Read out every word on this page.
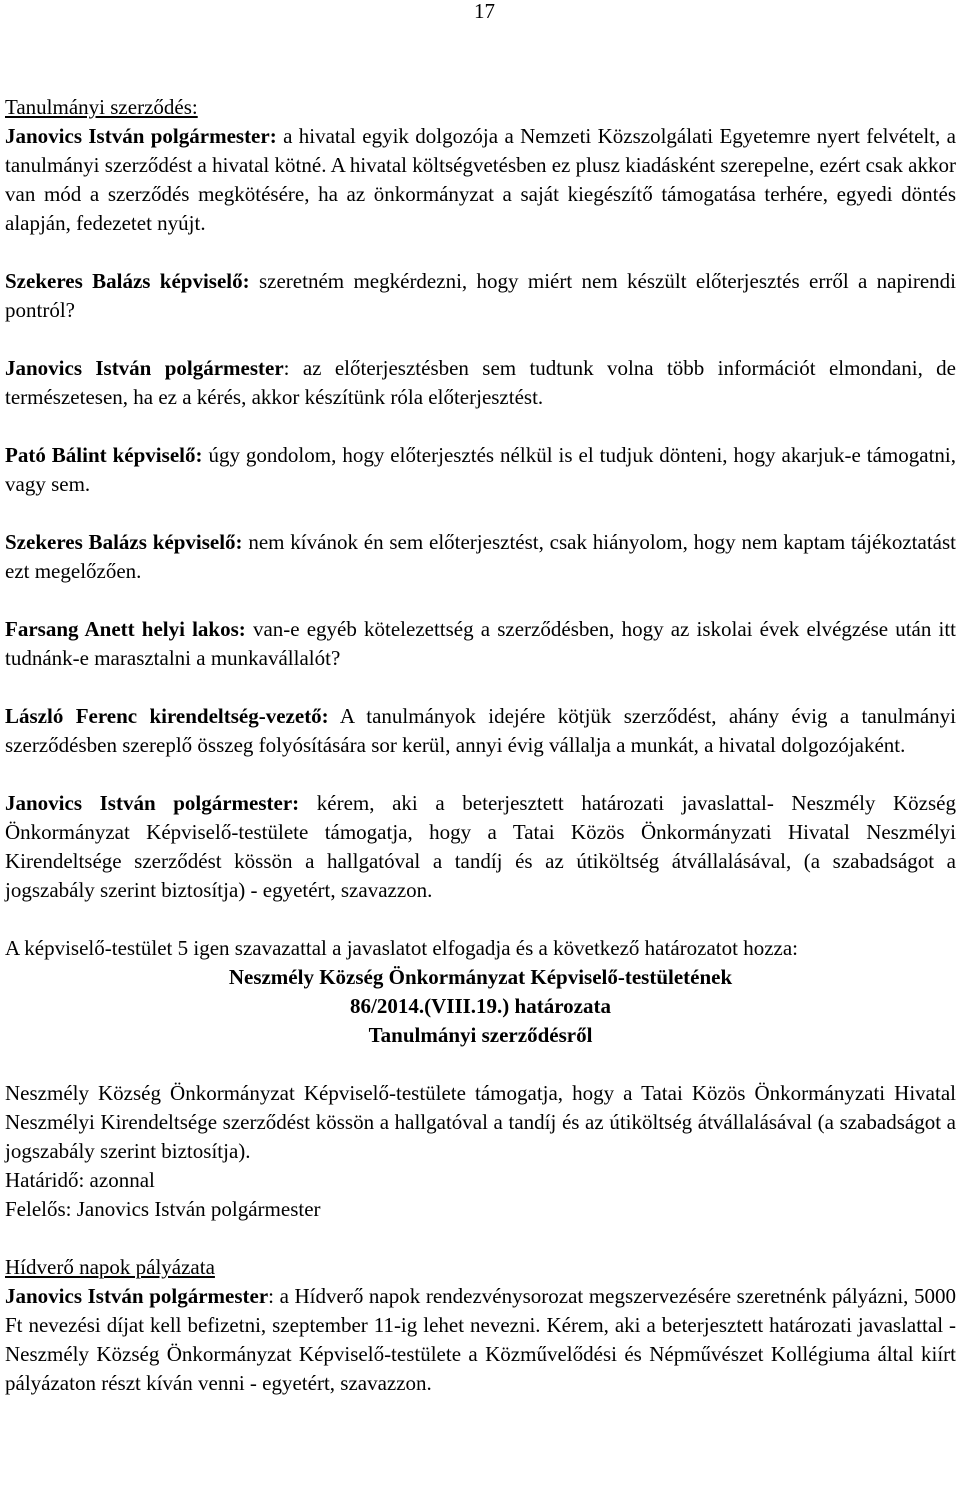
17

Tanulmányi szerződés:

Janovics István polgármester: a hivatal egyik dolgozója a Nemzeti Közszolgálati Egyetemre nyert felvételt, a tanulmányi szerződést a hivatal kötné. A hivatal költségvetésben ez plusz kiadásként szerepelne, ezért csak akkor van mód a szerződés megkötésére, ha az önkormányzat a saját kiegészítő támogatása terhére, egyedi döntés alapján, fedezetet nyújt.

Szekeres Balázs képviselő: szeretném megkérdezni, hogy miért nem készült előterjesztés erről a napirendi pontról?

Janovics István polgármester: az előterjesztésben sem tudtunk volna több információt elmondani, de természetesen, ha ez a kérés, akkor készítünk róla előterjesztést.

Pató Bálint képviselő: úgy gondolom, hogy előterjesztés nélkül is el tudjuk dönteni, hogy akarjuk-e támogatni, vagy sem.

Szekeres Balázs képviselő: nem kívánok én sem előterjesztést, csak hiányolom, hogy nem kaptam tájékoztatást ezt megelőzően.

Farsang Anett helyi lakos: van-e egyéb kötelezettség a szerződésben, hogy az iskolai évek elvégzése után itt tudnánk-e marasztalni a munkavállalót?

László Ferenc kirendeltség-vezető: A tanulmányok idejére kötjük szerződést, ahány évig a tanulmányi szerződésben szereplő összeg folyósítására sor kerül, annyi évig vállalja a munkát, a hivatal dolgozójaként.

Janovics István polgármester: kérem, aki a beterjesztett határozati javaslattal- Neszmély Község Önkormányzat Képviselő-testülete támogatja, hogy a Tatai Közös Önkormányzati Hivatal Neszmélyi Kirendeltsége szerződést kössön a hallgatóval a tandíj és az útiköltség átvállalásával, (a szabadságot a jogszabály szerint biztosítja) - egyetért, szavazzon.

A képviselő-testület 5 igen szavazattal a javaslatot elfogadja és a következő határozatot hozza:

Neszmély Község Önkormányzat Képviselő-testületének

86/2014.(VIII.19.) határozata

Tanulmányi szerződésről

Neszmély Község Önkormányzat Képviselő-testülete támogatja, hogy a Tatai Közös Önkormányzati Hivatal Neszmélyi Kirendeltsége szerződést kössön a hallgatóval a tandíj és az útiköltség átvállalásával (a szabadságot a jogszabály szerint biztosítja).

Határidő: azonnal

Felelős: Janovics István polgármester

Hídverő napok pályázata

Janovics István polgármester: a Hídverő napok rendezvénysorozat megszervezésére szeretnénk pályázni, 5000 Ft nevezési díjat kell befizetni, szeptember 11-ig lehet nevezni. Kérem, aki a beterjesztett határozati javaslattal - Neszmély Község Önkormányzat Képviselő-testülete a Közművelődési és Népművészet Kollégiuma által kiírt pályázaton részt kíván venni - egyetért, szavazzon.
